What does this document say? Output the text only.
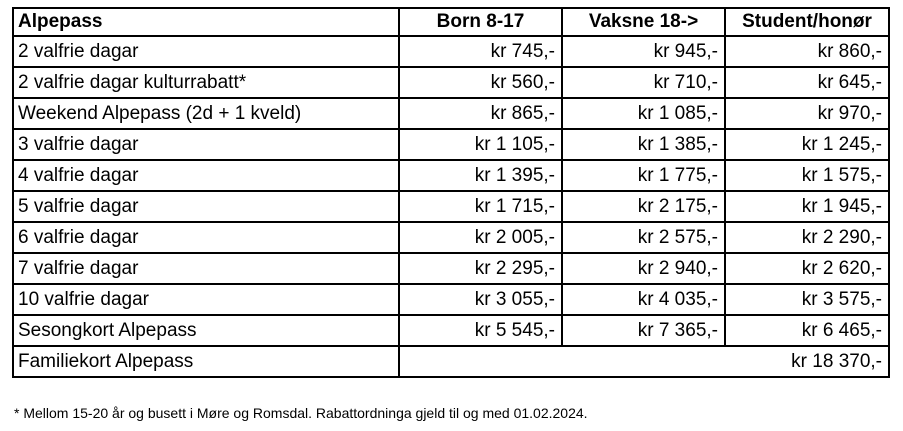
Alpepass	Born 8-17	Vaksne 18->	Student/honør
2 valfrie dagar	kr 745,-	kr 945,-	kr 860,-
2 valfrie dagar kulturrabatt*	kr 560,-	kr 710,-	kr 645,-
Weekend Alpepass (2d + 1 kveld)	kr 865,-	kr 1 085,-	kr 970,-
3 valfrie dagar	kr 1 105,-	kr 1 385,-	kr 1 245,-
4 valfrie dagar	kr 1 395,-	kr 1 775,-	kr 1 575,-
5 valfrie dagar	kr 1 715,-	kr 2 175,-	kr 1 945,-
6 valfrie dagar	kr 2 005,-	kr 2 575,-	kr 2 290,-
7 valfrie dagar	kr 2 295,-	kr 2 940,-	kr 2 620,-
10 valfrie dagar	kr 3 055,-	kr 4 035,-	kr 3 575,-
Sesongkort Alpepass	kr 5 545,-	kr 7 365,-	kr 6 465,-
Familiekort Alpepass	kr 18 370,-		
* Mellom 15-20 år og busett i Møre og Romsdal. Rabattordninga gjeld til og med 01.02.2024.
